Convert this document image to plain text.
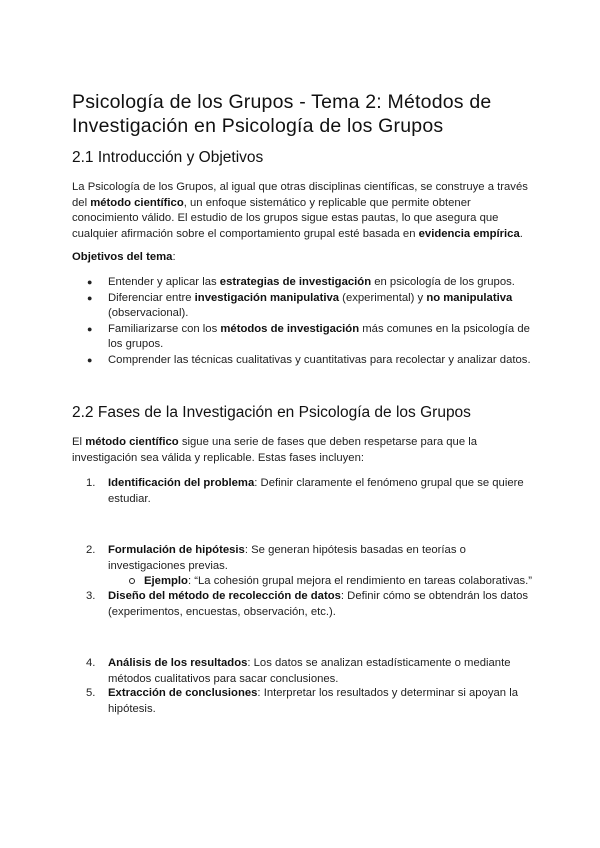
Psicología de los Grupos - Tema 2: Métodos de Investigación en Psicología de los Grupos
2.1 Introducción y Objetivos

La Psicología de los Grupos, al igual que otras disciplinas científicas, se construye a través del método científico, un enfoque sistemático y replicable que permite obtener conocimiento válido. El estudio de los grupos sigue estas pautas, lo que asegura que cualquier afirmación sobre el comportamiento grupal esté basada en evidencia empírica.

Objetivos del tema:

● Entender y aplicar las estrategias de investigación en psicología de los grupos.
● Diferenciar entre investigación manipulativa (experimental) y no manipulativa (observacional).
● Familiarizarse con los métodos de investigación más comunes en la psicología de los grupos.
● Comprender las técnicas cualitativas y cuantitativas para recolectar y analizar datos.
2.2 Fases de la Investigación en Psicología de los Grupos

El método científico sigue una serie de fases que deben respetarse para que la investigación sea válida y replicable. Estas fases incluyen:

1. Identificación del problema: Definir claramente el fenómeno grupal que se quiere estudiar.
2. Formulación de hipótesis: Se generan hipótesis basadas en teorías o investigaciones previas.
Ejemplo: “La cohesión grupal mejora el rendimiento en tareas colaborativas.”
3. Diseño del método de recolección de datos: Definir cómo se obtendrán los datos (experimentos, encuestas, observación, etc.).
4. Análisis de los resultados: Los datos se analizan estadísticamente o mediante métodos cualitativos para sacar conclusiones.
5. Extracción de conclusiones: Interpretar los resultados y determinar si apoyan la hipótesis.
